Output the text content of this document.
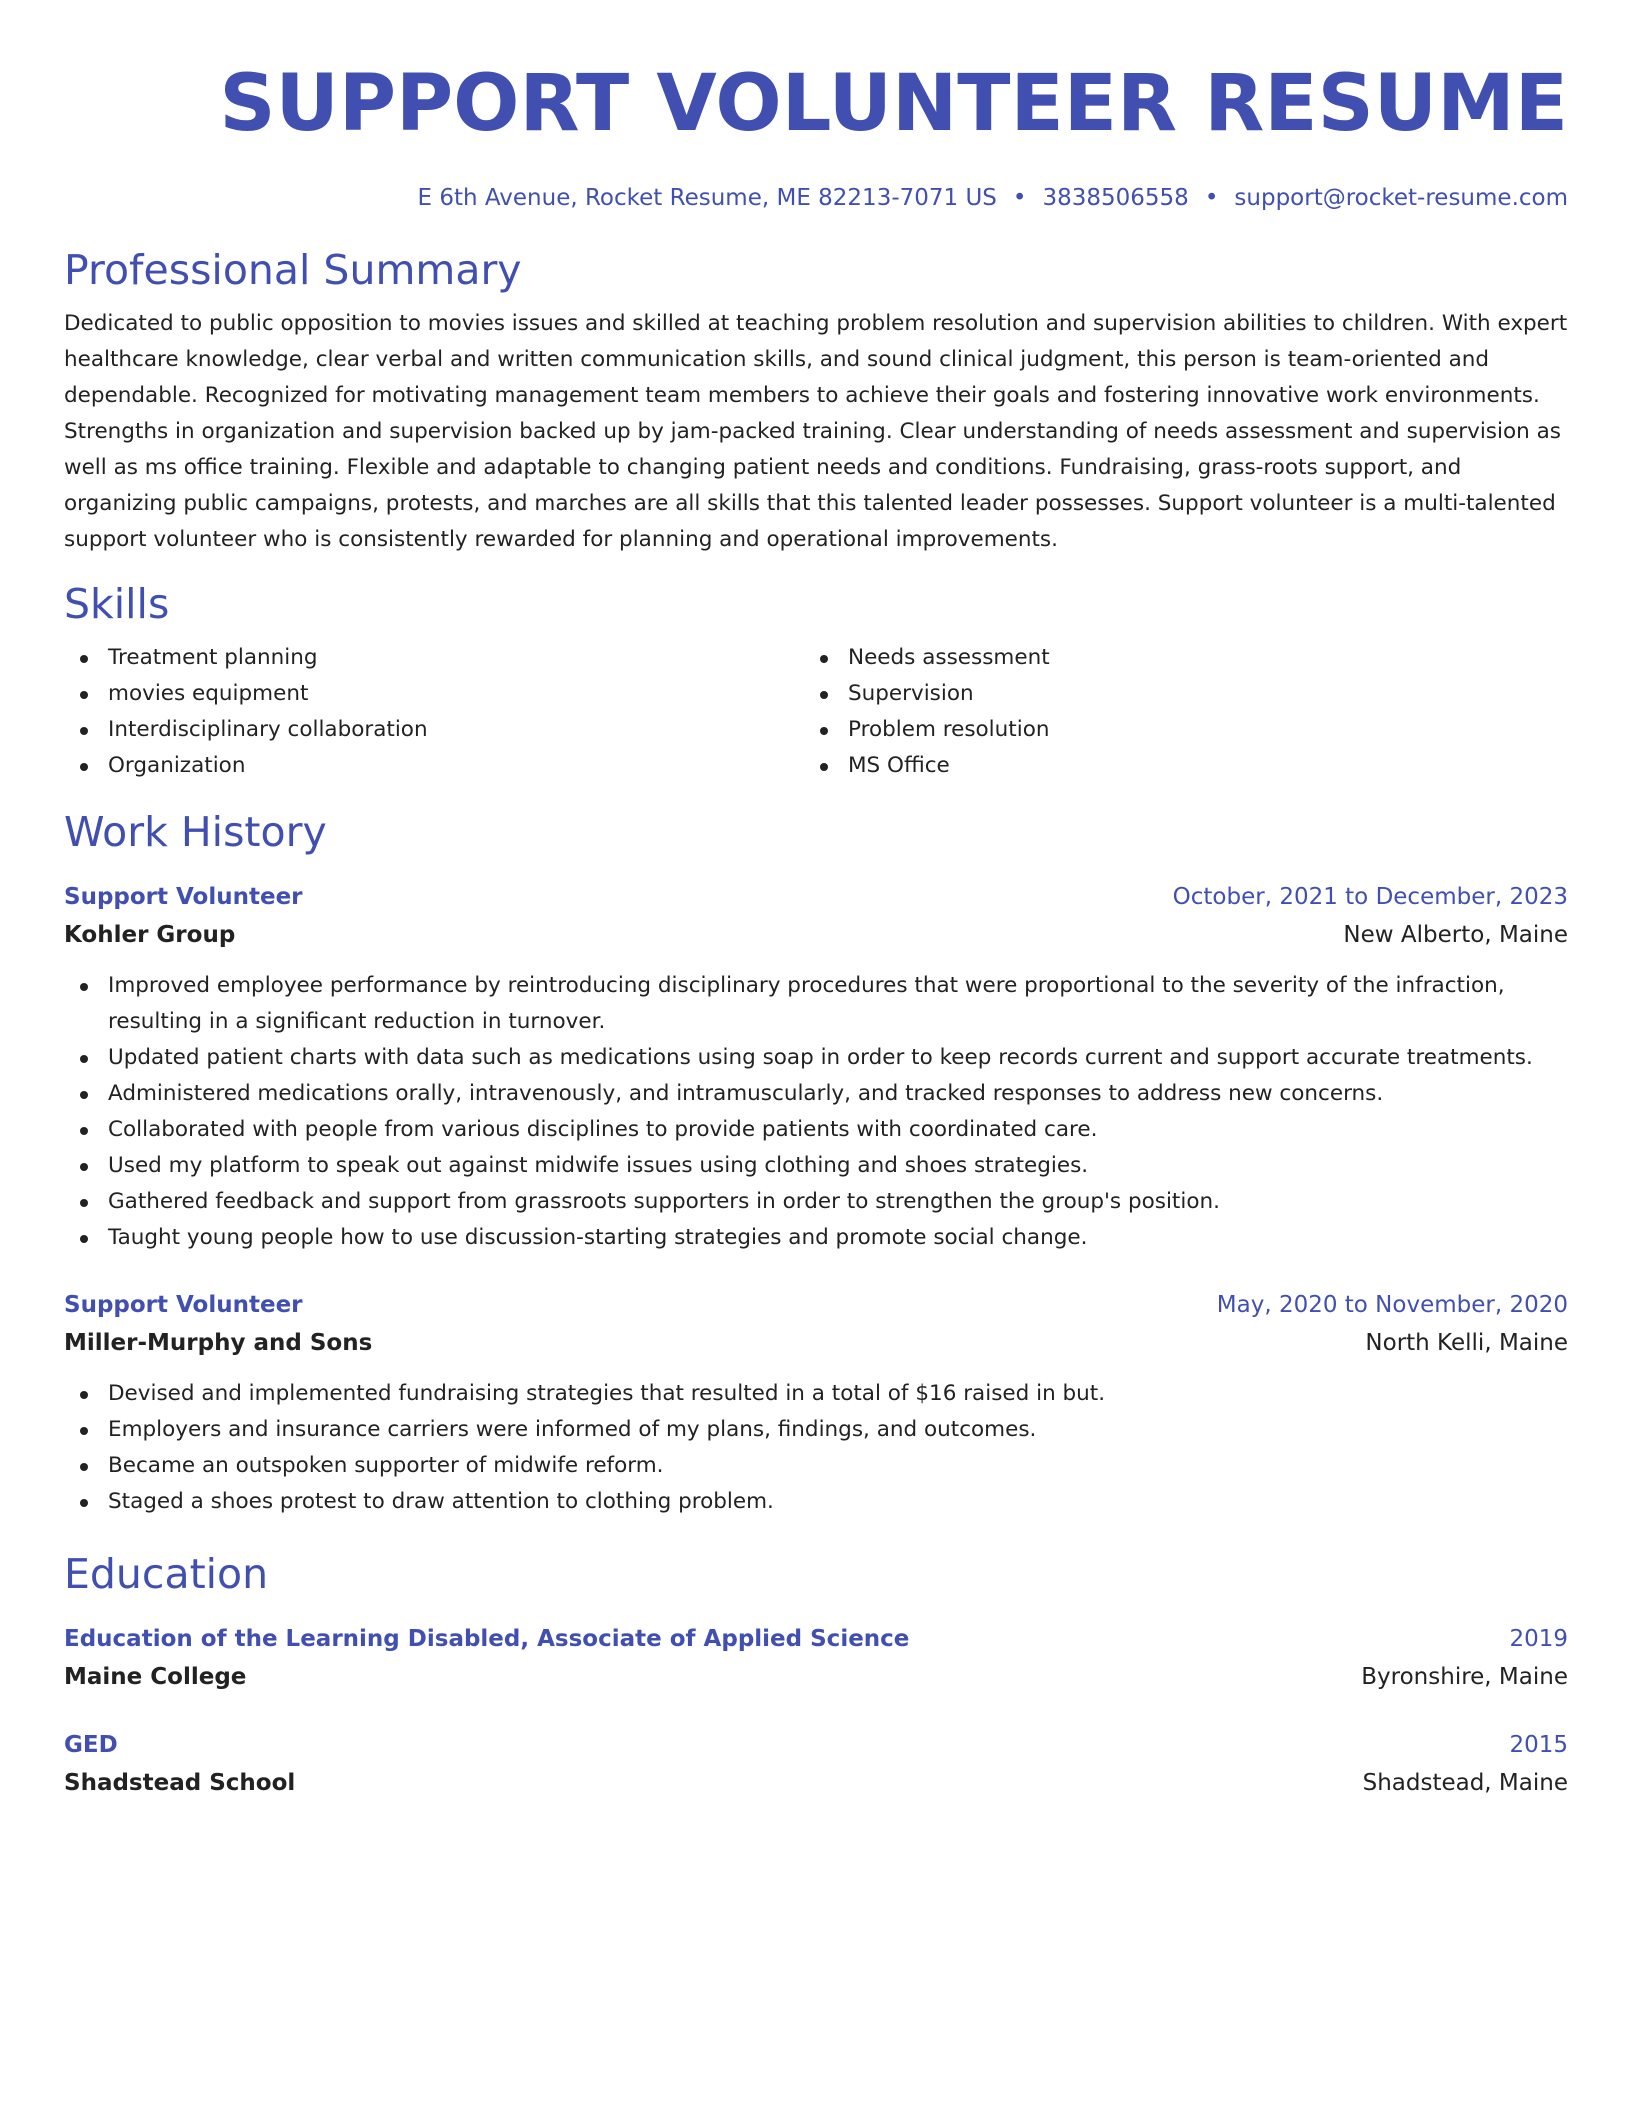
SUPPORT VOLUNTEER RESUME
E 6th Avenue, Rocket Resume, ME 82213-7071 US • 3838506558 • support@rocket-resume.com
Professional Summary
Dedicated to public opposition to movies issues and skilled at teaching problem resolution and supervision abilities to children. With expert healthcare knowledge, clear verbal and written communication skills, and sound clinical judgment, this person is team-oriented and dependable. Recognized for motivating management team members to achieve their goals and fostering innovative work environments. Strengths in organization and supervision backed up by jam-packed training. Clear understanding of needs assessment and supervision as well as ms office training. Flexible and adaptable to changing patient needs and conditions. Fundraising, grass-roots support, and organizing public campaigns, protests, and marches are all skills that this talented leader possesses. Support volunteer is a multi-talented support volunteer who is consistently rewarded for planning and operational improvements.
Skills
Treatment planning
movies equipment
Interdisciplinary collaboration
Organization
Needs assessment
Supervision
Problem resolution
MS Office
Work History
Support Volunteer	October, 2021 to December, 2023
Kohler Group	New Alberto, Maine
Improved employee performance by reintroducing disciplinary procedures that were proportional to the severity of the infraction, resulting in a significant reduction in turnover.
Updated patient charts with data such as medications using soap in order to keep records current and support accurate treatments.
Administered medications orally, intravenously, and intramuscularly, and tracked responses to address new concerns.
Collaborated with people from various disciplines to provide patients with coordinated care.
Used my platform to speak out against midwife issues using clothing and shoes strategies.
Gathered feedback and support from grassroots supporters in order to strengthen the group's position.
Taught young people how to use discussion-starting strategies and promote social change.
Support Volunteer	May, 2020 to November, 2020
Miller-Murphy and Sons	North Kelli, Maine
Devised and implemented fundraising strategies that resulted in a total of $16 raised in but.
Employers and insurance carriers were informed of my plans, findings, and outcomes.
Became an outspoken supporter of midwife reform.
Staged a shoes protest to draw attention to clothing problem.
Education
Education of the Learning Disabled, Associate of Applied Science	2019
Maine College	Byronshire, Maine
GED	2015
Shadstead School	Shadstead, Maine
